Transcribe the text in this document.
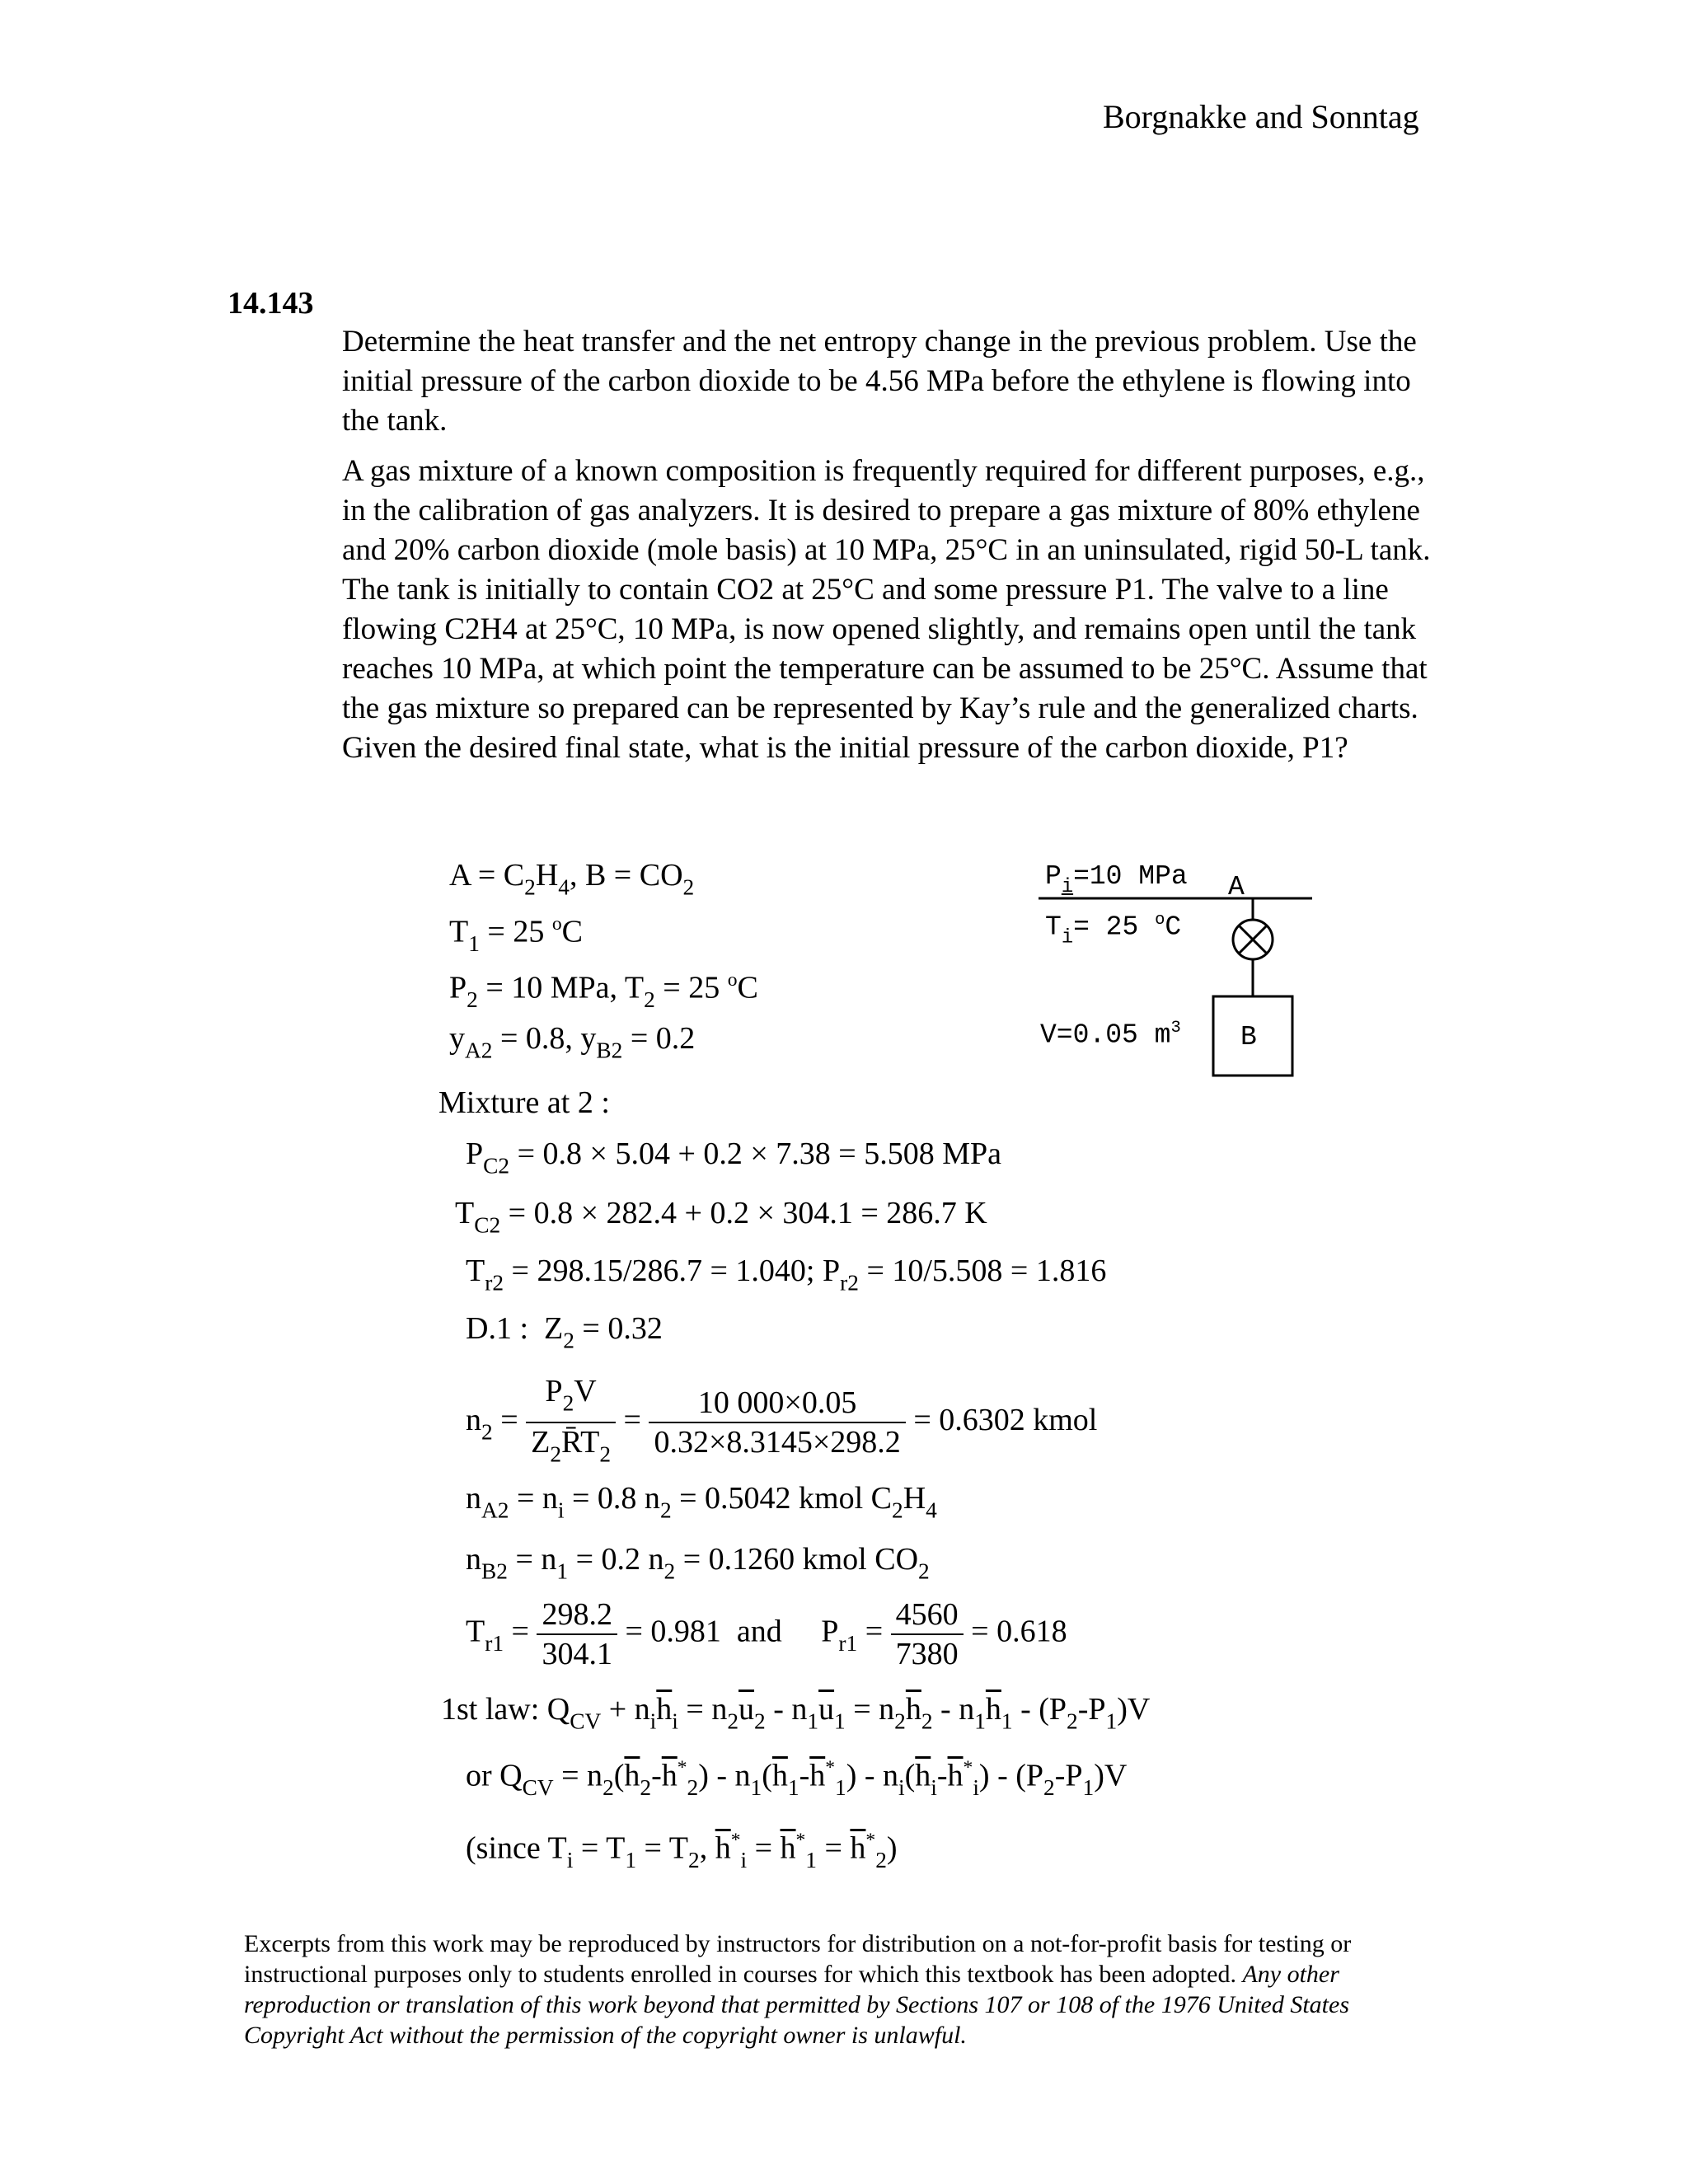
Borgnakke and Sonntag
14.143
Determine the heat transfer and the net entropy change in the previous problem. Use the initial pressure of the carbon dioxide to be 4.56 MPa before the ethylene is flowing into the tank.
A gas mixture of a known composition is frequently required for different purposes, e.g., in the calibration of gas analyzers. It is desired to prepare a gas mixture of 80% ethylene and 20% carbon dioxide (mole basis) at 10 MPa, 25°C in an uninsulated, rigid 50-L tank. The tank is initially to contain CO2 at 25°C and some pressure P1. The valve to a line flowing C2H4 at 25°C, 10 MPa, is now opened slightly, and remains open until the tank reaches 10 MPa, at which point the temperature can be assumed to be 25°C. Assume that the gas mixture so prepared can be represented by Kay’s rule and the generalized charts. Given the desired final state, what is the initial pressure of the carbon dioxide, P1?
$A = C_2H_4$, $B = CO_2$
$T_1 = 25$ $^o$C
$P_2 = 10$ MPa, $T_2 = 25$ $^o$C
$y_{A2} = 0.8$, $y_{B2} = 0.2$
$P_i=10$ MPa A
$T_i= 25$ $^o$C
V=0.05 $m^3$ B
Mixture at 2 :
$P_{C2} = 0.8 \times 5.04 + 0.2 \times 7.38 = 5.508$ MPa
$T_{C2} = 0.8 \times 282.4 + 0.2 \times 304.1 = 286.7$ K
$T_{r2} = 298.15/286.7 = 1.040$; $P_{r2} = 10/5.508 = 1.816$
D.1 :  $Z_2 = 0.32$
$n_2 = \frac{P_2V}{Z_2R̄T_2} = \frac{10 000\times 0.05}{0.32\times 8.3145\times 298.2} = 0.6302$ kmol
$n_{A2} = n_i = 0.8$ $n_2 = 0.5042$ kmol $C_2H_4$
$n_{B2} = n_1 = 0.2$ $n_2 = 0.1260$ kmol $CO_2$
$T_{r1} = \frac{298.2}{304.1} = 0.981$ and     $P_{r1} = \frac{4560}{7380} = 0.618$
1st law: $Q_{CV} + n_i\overline{h}_i = n_2\overline{u}_2 - n_1\overline{u}_1 = n_2\overline{h}_2 - n_1\overline{h}_1 - (P_2-P_1)V$
or $Q_{CV} = n_2(\overline{h}_2-\overline{h}^*_2) - n_1(\overline{h}_1-\overline{h}^*_1) - n_i(\overline{h}_i-\overline{h}^*_i) - (P_2-P_1)V$
(since $T_i = T_1 = T_2$, $\overline{h}^*_i = \overline{h}^*_1 = \overline{h}^*_2$)
Excerpts from this work may be reproduced by instructors for distribution on a not-for-profit basis for testing or instructional purposes only to students enrolled in courses for which this textbook has been adopted. Any other reproduction or translation of this work beyond that permitted by Sections 107 or 108 of the 1976 United States Copyright Act without the permission of the copyright owner is unlawful.
